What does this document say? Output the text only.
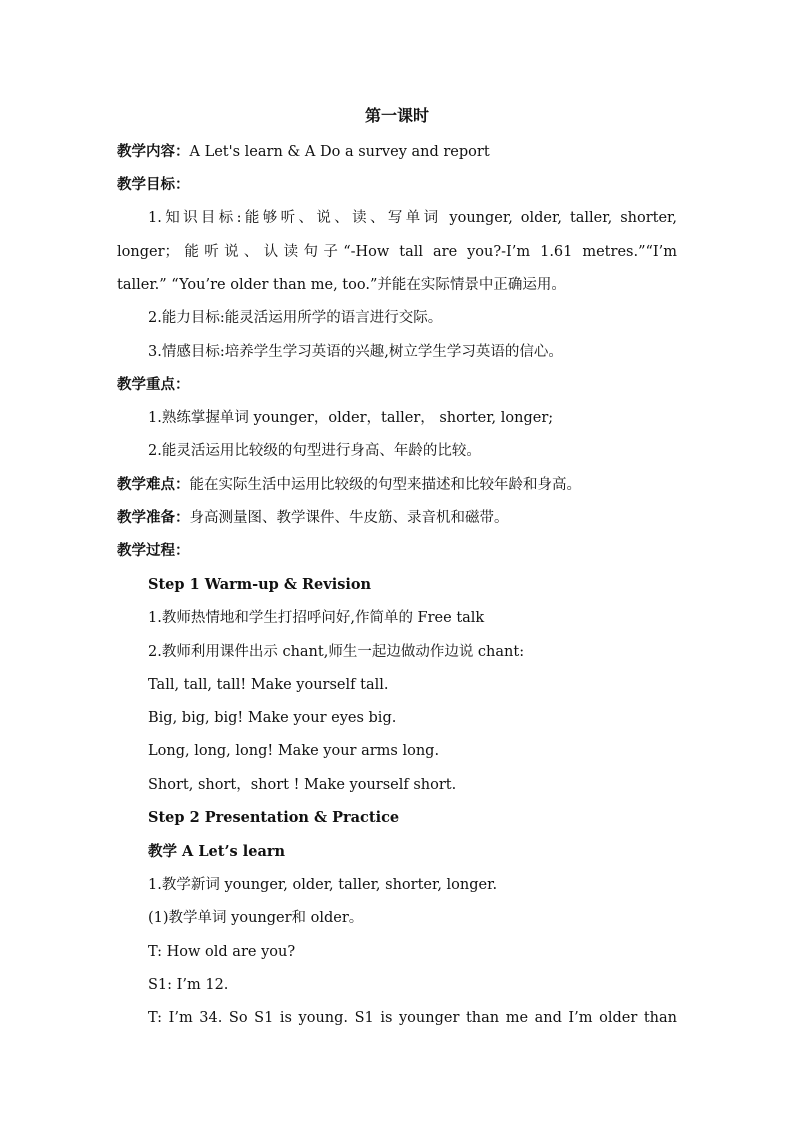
第一课时
教学内容：A Let's learn & A Do a survey and report
教学目标：
1.知识目标:能够听、说、读、写单词 younger, older, taller, shorter,
longer；能听说、认读句子“-How tall are you?-I’m 1.61 metres.”“I’m
taller.” “You’re older than me, too.”并能在实际情景中正确运用。
2.能力目标:能灵活运用所学的语言进行交际。
3.情感目标:培养学生学习英语的兴趣,树立学生学习英语的信心。
教学重点：
1.熟练掌握单词 younger，older，taller， shorter, longer;
2.能灵活运用比较级的句型进行身高、年龄的比较。
教学难点：能在实际生活中运用比较级的句型来描述和比较年龄和身高。
教学准备：身高测量图、教学课件、牛皮筋、录音机和磁带。
教学过程：
Step 1 Warm-up & Revision
1.教师热情地和学生打招呼问好,作简单的 Free talk
2.教师利用课件出示 chant,师生一起边做动作边说 chant:
Tall, tall, tall! Make yourself tall.
Big, big, big! Make your eyes big.
Long, long, long! Make your arms long.
Short, short，short ! Make yourself short.
Step 2 Presentation & Practice
教学 A Let’s learn
1.教学新词 younger, older, taller, shorter, longer.
(1)教学单词 younger和 older。
T: How old are you?
S1: I’m 12.
T: I’m 34. So S1 is young. S1 is younger than me and I’m older than
